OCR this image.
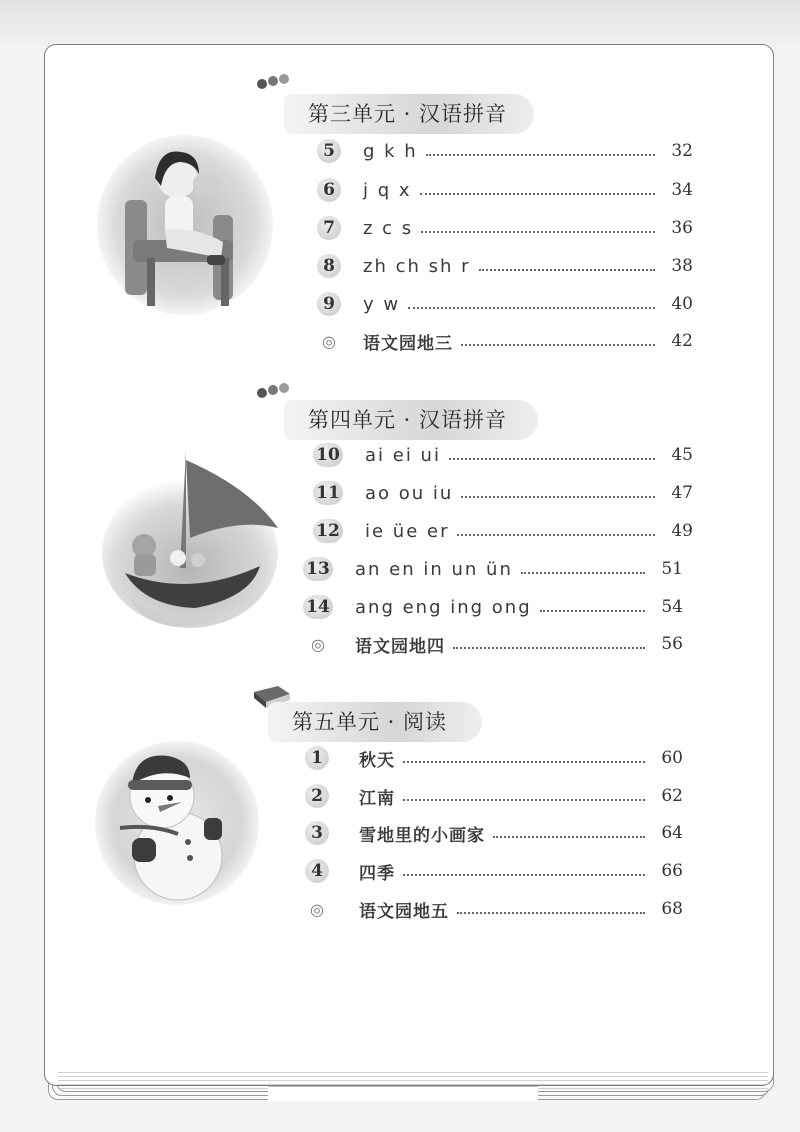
第三单元 · 汉语拼音
5	g k h	32
6	j q x	34
7	z c s	36
8	zh ch sh r	38
9	y w	40
◎ 语文园地三	42
第四单元 · 汉语拼音
10 ai ei ui	45
11 ao ou iu	47
12 ie üe er	49
13 an en in un ün	51
14 ang eng ing ong	54
◎	语文园地四	56
第五单元 · 阅读
1	秋天	60
2	江南	62
3	雪地里的小画家	64
4	四季	66
◎ 语文园地五	68
